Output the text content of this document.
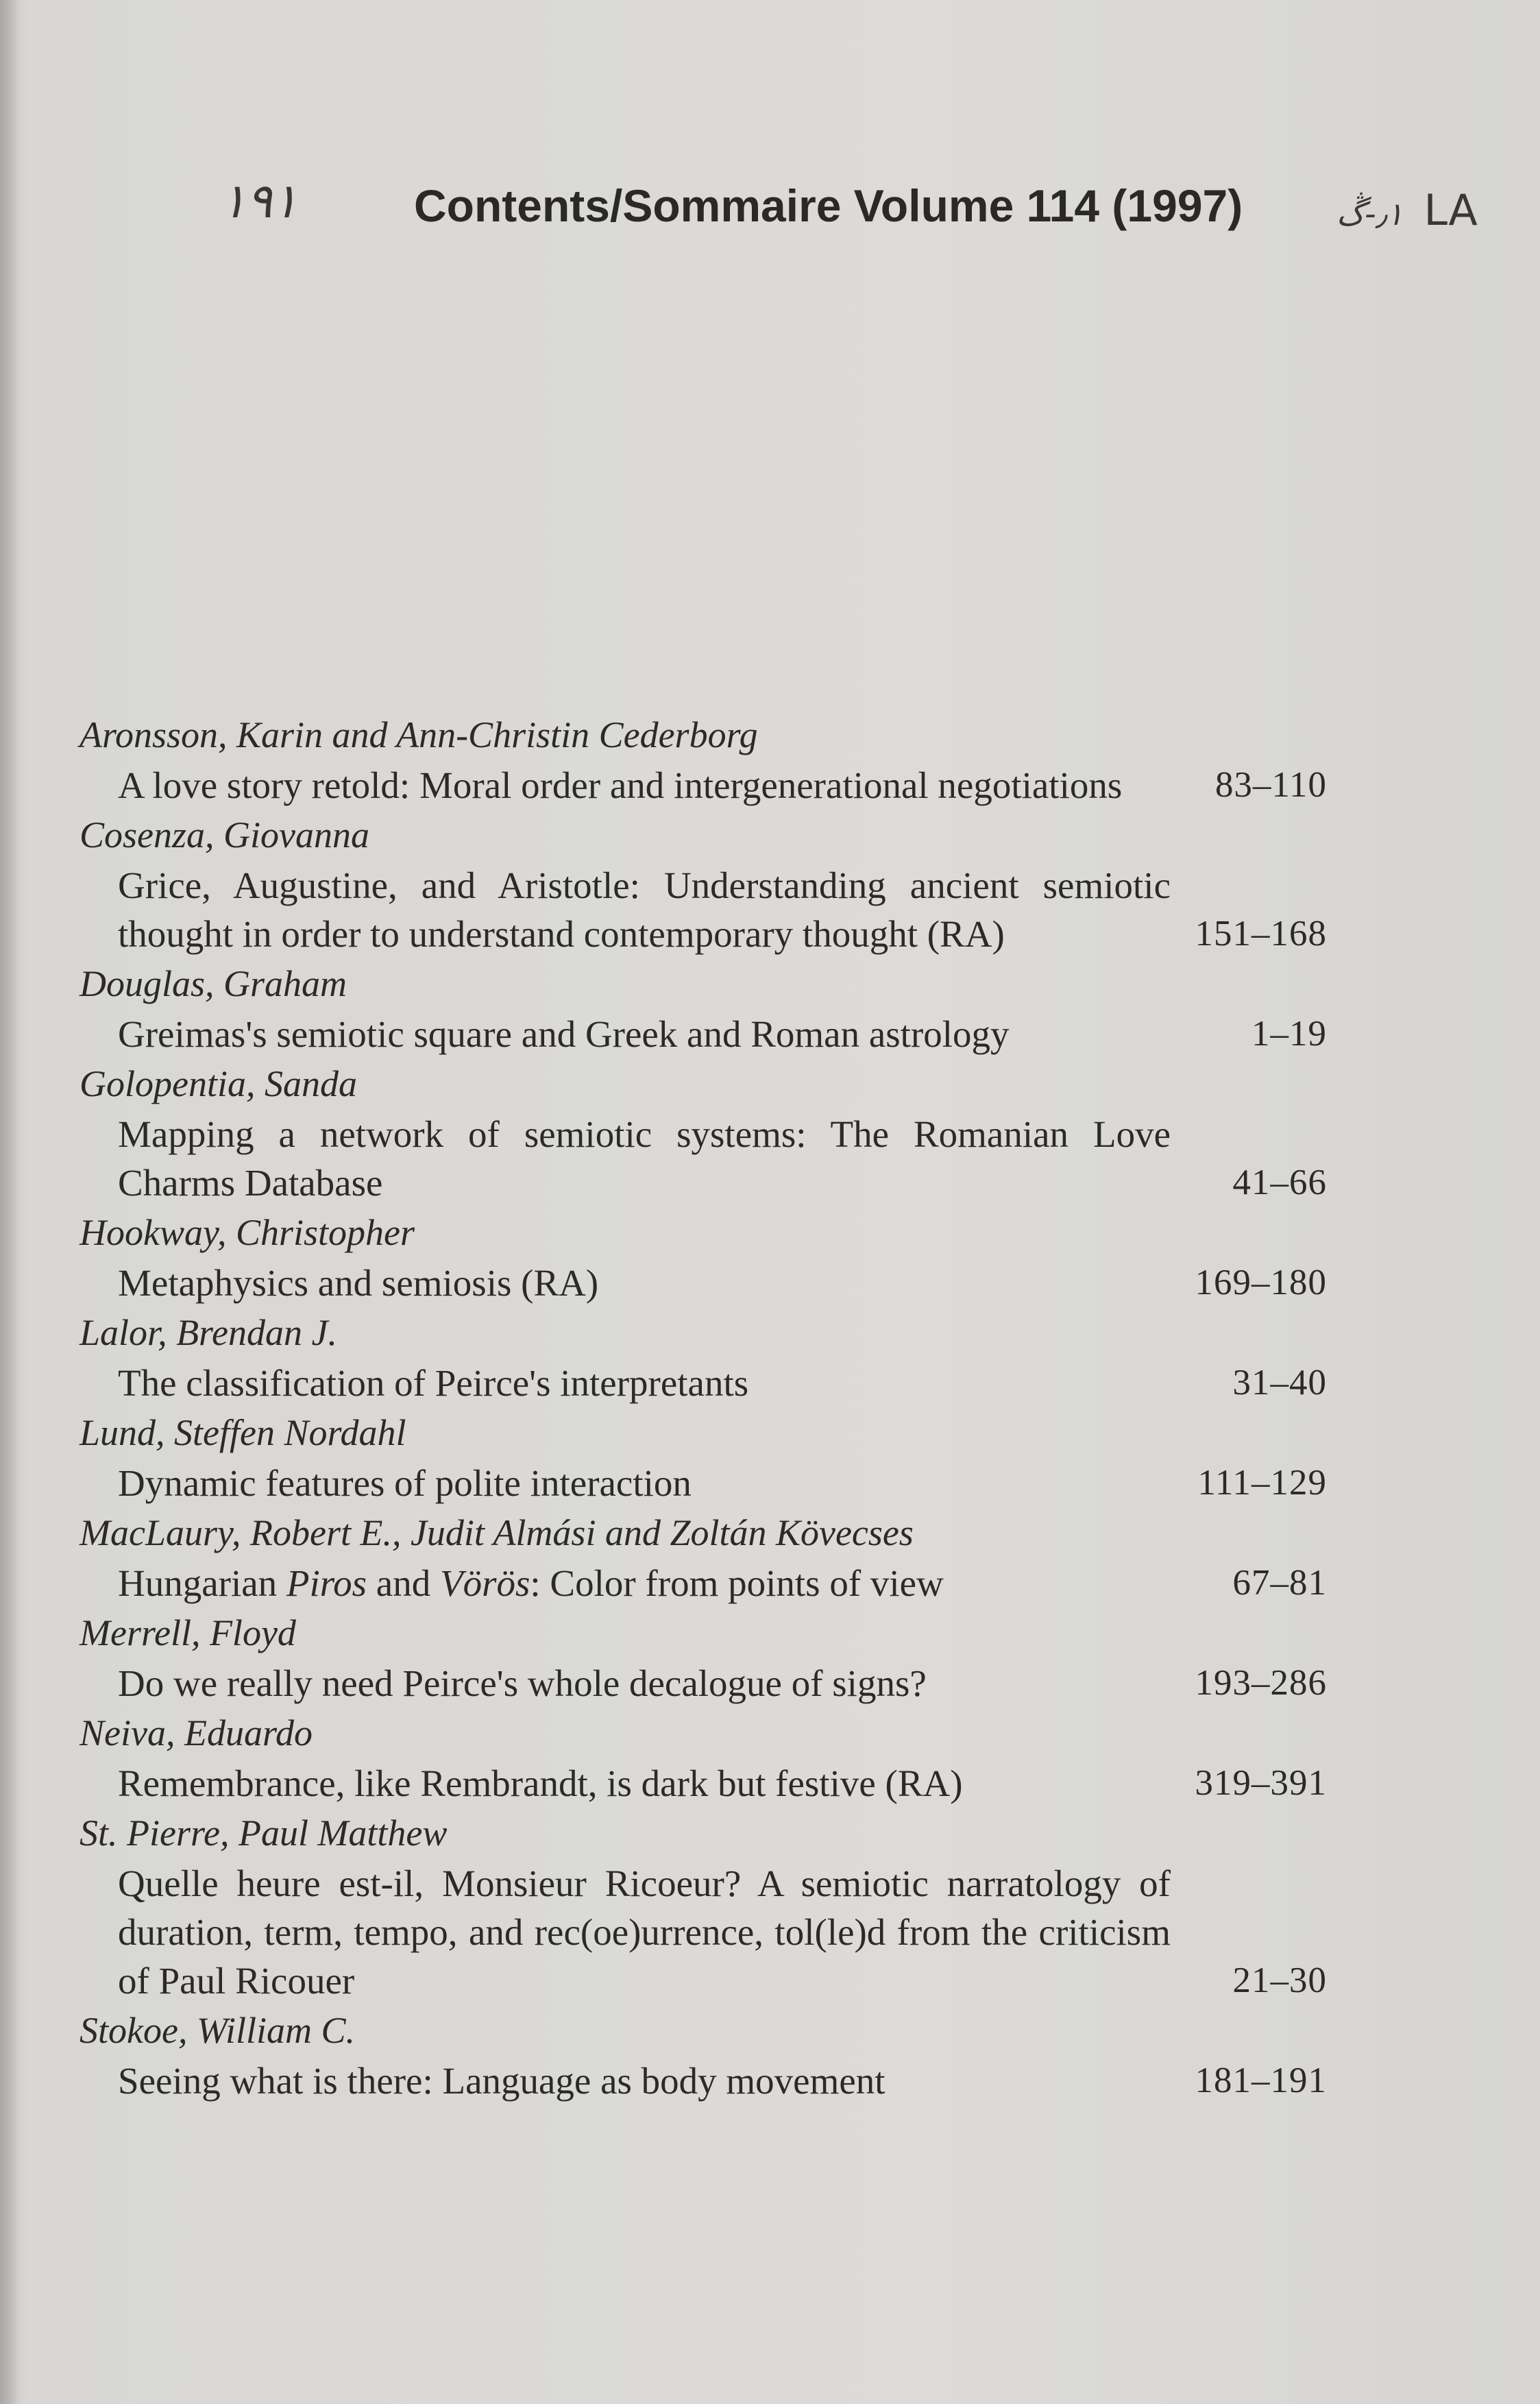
١٩١	Contents/Sommaire Volume 114 (1997)	٫١-ڴ LA
Aronsson, Karin and Ann-Christin Cederborg
A love story retold: Moral order and intergenerational negotiations	83–110
Cosenza, Giovanna
Grice, Augustine, and Aristotle: Understanding ancient semiotic thought in order to understand contemporary thought (RA)	151–168
Douglas, Graham
Greimas's semiotic square and Greek and Roman astrology	1–19
Golopentia, Sanda
Mapping a network of semiotic systems: The Romanian Love Charms Database	41–66
Hookway, Christopher
Metaphysics and semiosis (RA)	169–180
Lalor, Brendan J.
The classification of Peirce's interpretants	31–40
Lund, Steffen Nordahl
Dynamic features of polite interaction	111–129
MacLaury, Robert E., Judit Almási and Zoltán Kövecses
Hungarian Piros and Vörös: Color from points of view	67–81
Merrell, Floyd
Do we really need Peirce's whole decalogue of signs?	193–286
Neiva, Eduardo
Remembrance, like Rembrandt, is dark but festive (RA)	319–391
St. Pierre, Paul Matthew
Quelle heure est-il, Monsieur Ricoeur? A semiotic narratology of duration, term, tempo, and rec(oe)urrence, tol(le)d from the criticism of Paul Ricouer	21–30
Stokoe, William C.
Seeing what is there: Language as body movement	181–191
